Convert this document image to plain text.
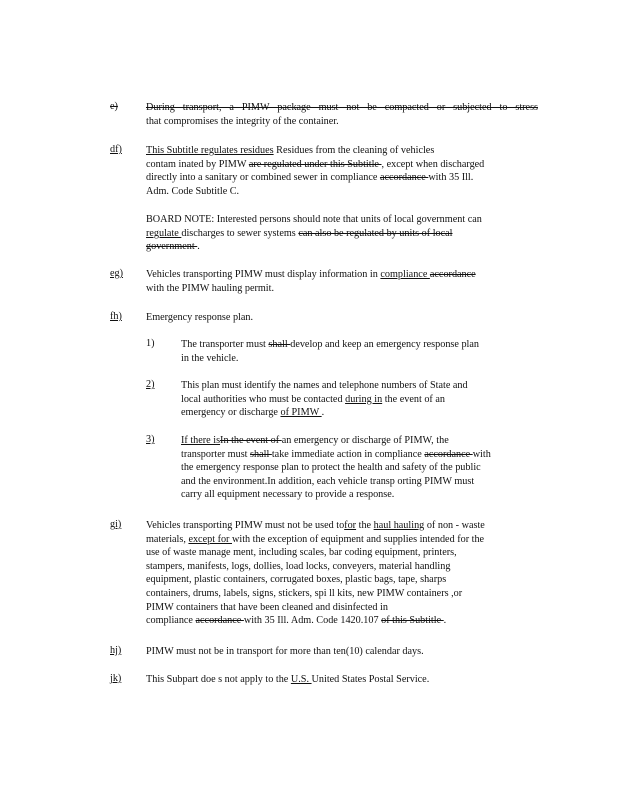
e)	During transport, a PIMW package must not be compacted or subjected to stress
that compromises the integrity of the container.
df) This Subtitle regulates residues Residues from the cleaning of vehicles
contam inated by PIMW are regulated under this Subtitle , except when discharged
directly into a sanitary or combined sewer in compliance accordance with 35 Ill.
Adm. Code Subtitle C.
BOARD NOTE: Interested persons should note that units of local government can
regulate discharges to sewer systems can also be regulated by units of local
government .
eg) Vehicles transporting PIMW must display information in compliance accordance
with the PIMW hauling permit.
fh) Emergency response plan.
1)	The transporter must shall develop and keep an emergency response plan
in the vehicle.
2)	This plan must identify the names and telephone numbers of State and
local authorities who must be contacted during in the event of an
emergency or discharge of PIMW .
3)	If there isIn the event of an emergency or discharge of PIMW, the
transporter must shall take immediate action in compliance accordance with
the emergency response plan to protect the health and safety of the public
and the environment.In addition, each vehicle transp orting PIMW must
carry all equipment necessary to provide a response.
gi) Vehicles transporting PIMW must not be used tofor the haul hauling of non - waste
materials, except for with the exception of equipment and supplies intended for the
use of waste manage ment, including scales, bar coding equipment, printers,
stampers, manifests, logs, dollies, load locks, conveyers, material handling
equipment, plastic containers, corrugated boxes, plastic bags, tape, sharps
containers, drums, labels, signs, stickers, spi ll kits, new PIMW containers ,or
PIMW containers that have been cleaned and disinfected in
compliance accordance with 35 Ill. Adm. Code 1420.107 of this Subtitle .
hj) PIMW must not be in transport for more than ten(10) calendar days.
jk) This Subpart doe s not apply to the U.S. United States Postal Service.
